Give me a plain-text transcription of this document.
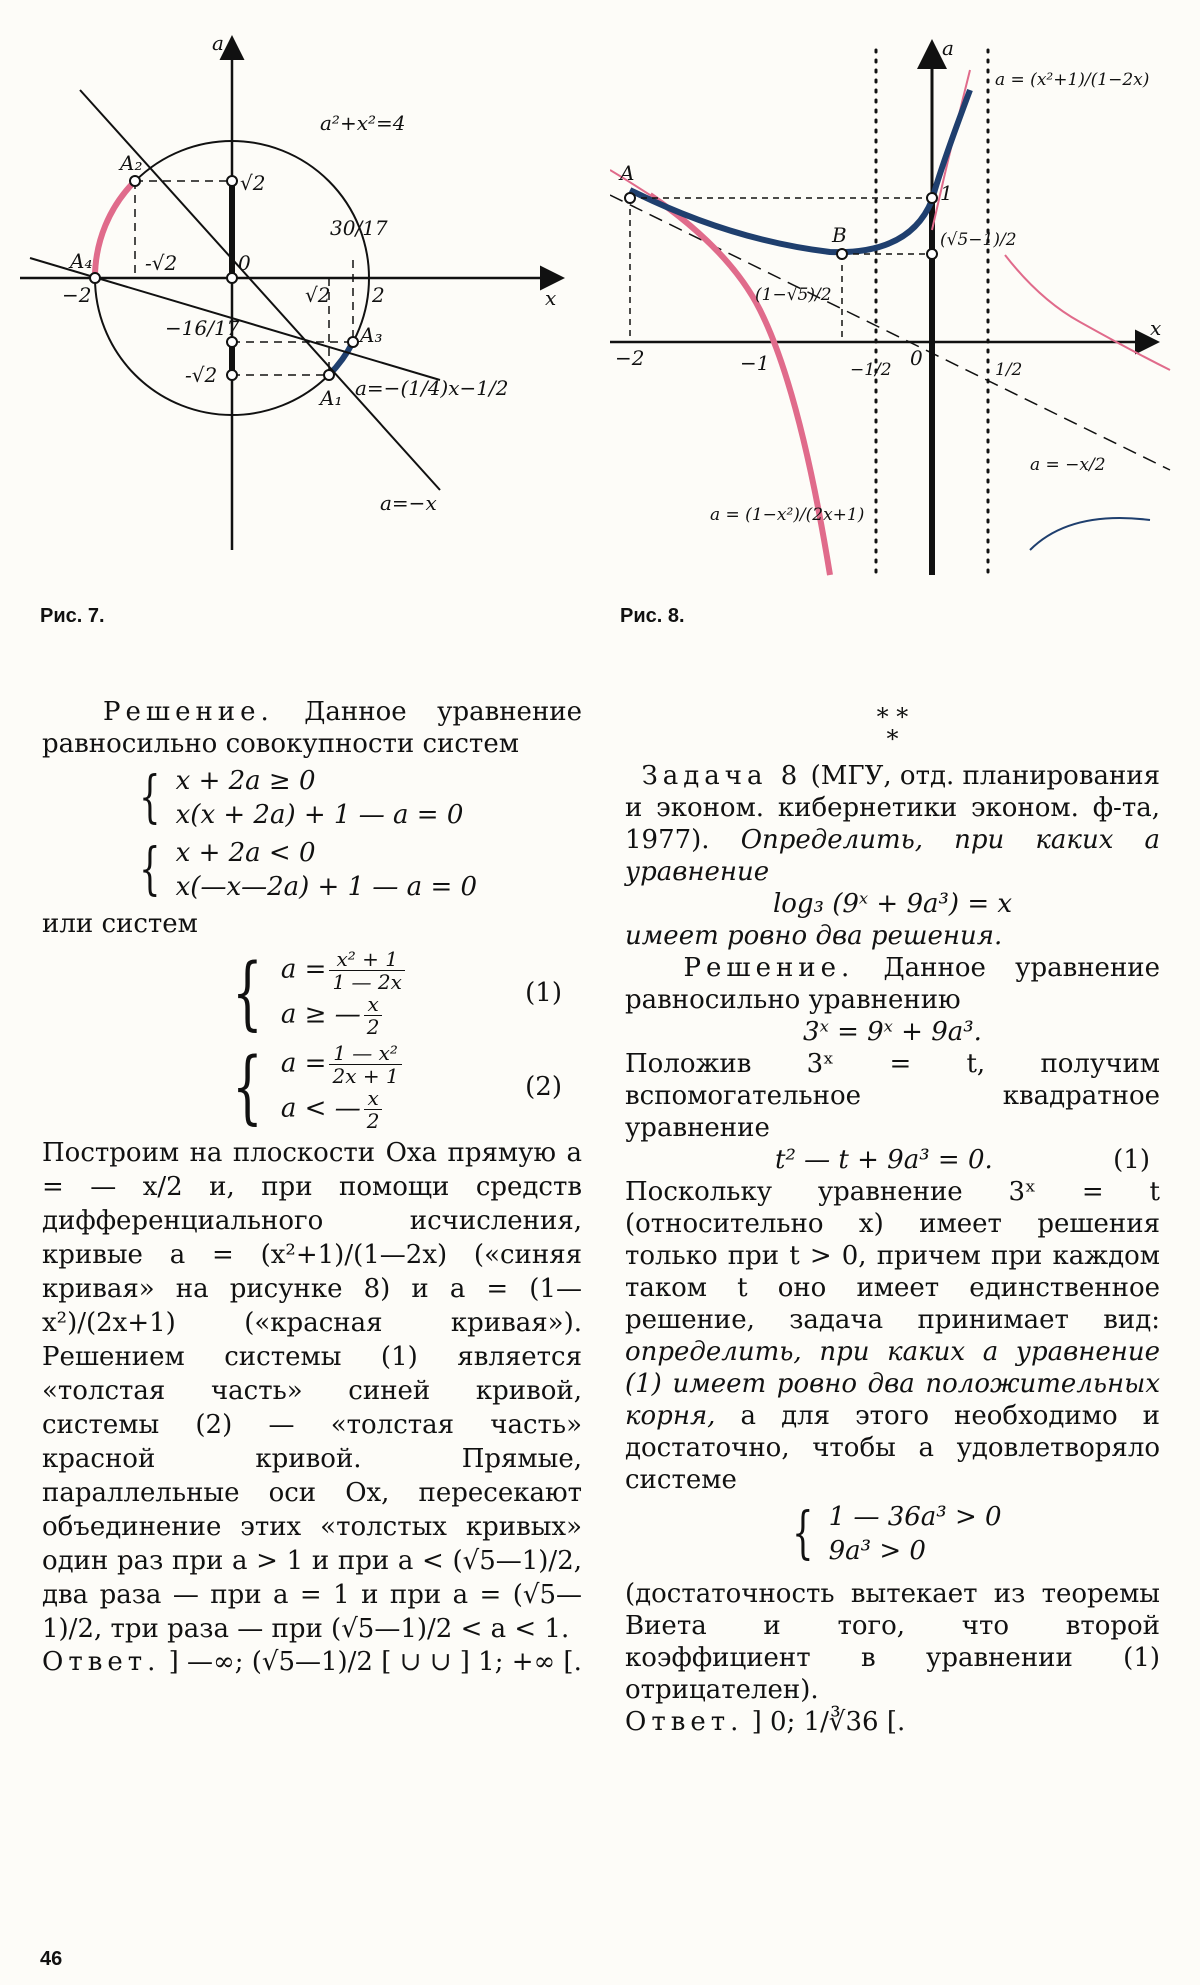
a
x
0
a²+x²=4
A₂
A₄
A₃
A₁
√2
-√2
√2 2
−2
30/17
−16/17
-√2
a=−(1/4)x−1/2
a=−x
Рис. 7.
a
x
0
A
B
1
a = (x²+1)/(1−2x)
a = (1−x²)/(2x+1)
a = −x/2
(√5−1)/2
(1−√5)/2
−2	−1	−1/2	1/2
Рис. 8.

Решение. Данное уравнение равносильно совокупности систем

{ x + 2a ≥ 0
x(x + 2a) + 1 — a = 0
{ x + 2a < 0
x(—x—2a) + 1 — a = 0

или систем

{ $a = \frac{\text{x² + 1}}{1 — 2x}$
a ≥ — $\frac{x}{2}$	(1)
{ $a = \frac{\text{1 — x²}}{2x + 1}$
a < — $\frac{x}{2}$	(2)

Построим на плоскости Oxa прямую a = — x/2 и, при помощи средств дифференциального исчисления, кривые a = (x²+1)/(1—2x) («синяя кривая» на рисунке 8) и a = (1—x²)/(2x+1) («красная кривая»). Решением системы (1) является «толстая часть» синей кривой, системы (2) — «толстая часть» красной кривой. Прямые, параллельные оси Ox, пересекают объединение этих «толстых кривых» один раз при a > 1 и при a < (√5—1)/2, два раза — при a = 1 и при a = (√5—1)/2, три раза — при (√5—1)/2 < a < 1.

Ответ. ] —∞; (√5—1)/2 [ ∪ ∪ ] 1; +∞ [.

* *
*

Задача 8 (МГУ, отд. планирования и эконом. кибернетики эконом. ф-та, 1977). Определить, при каких a уравнение

log₃ (9ˣ + 9a³) = x

имеет ровно два решения.

Решение. Данное уравнение равносильно уравнению

3ˣ = 9ˣ + 9a³.

Положив 3ˣ = t, получим вспомогательное квадратное уравнение

t² — t + 9a³ = 0.	(1)

Поскольку уравнение 3ˣ = t (относительно x) имеет решения только при t > 0, причем при каждом таком t оно имеет единственное решение, задача принимает вид: определить, при каких a уравнение (1) имеет ровно два положительных корня, а для этого необходимо и достаточно, чтобы a удовлетворяло системе

{ 1 — 36a³ > 0
9a³ > 0

(достаточность вытекает из теоремы Виета и того, что второй коэффициент в уравнении (1) отрицателен).

Ответ. ] 0; 1/∛36 [.

46
